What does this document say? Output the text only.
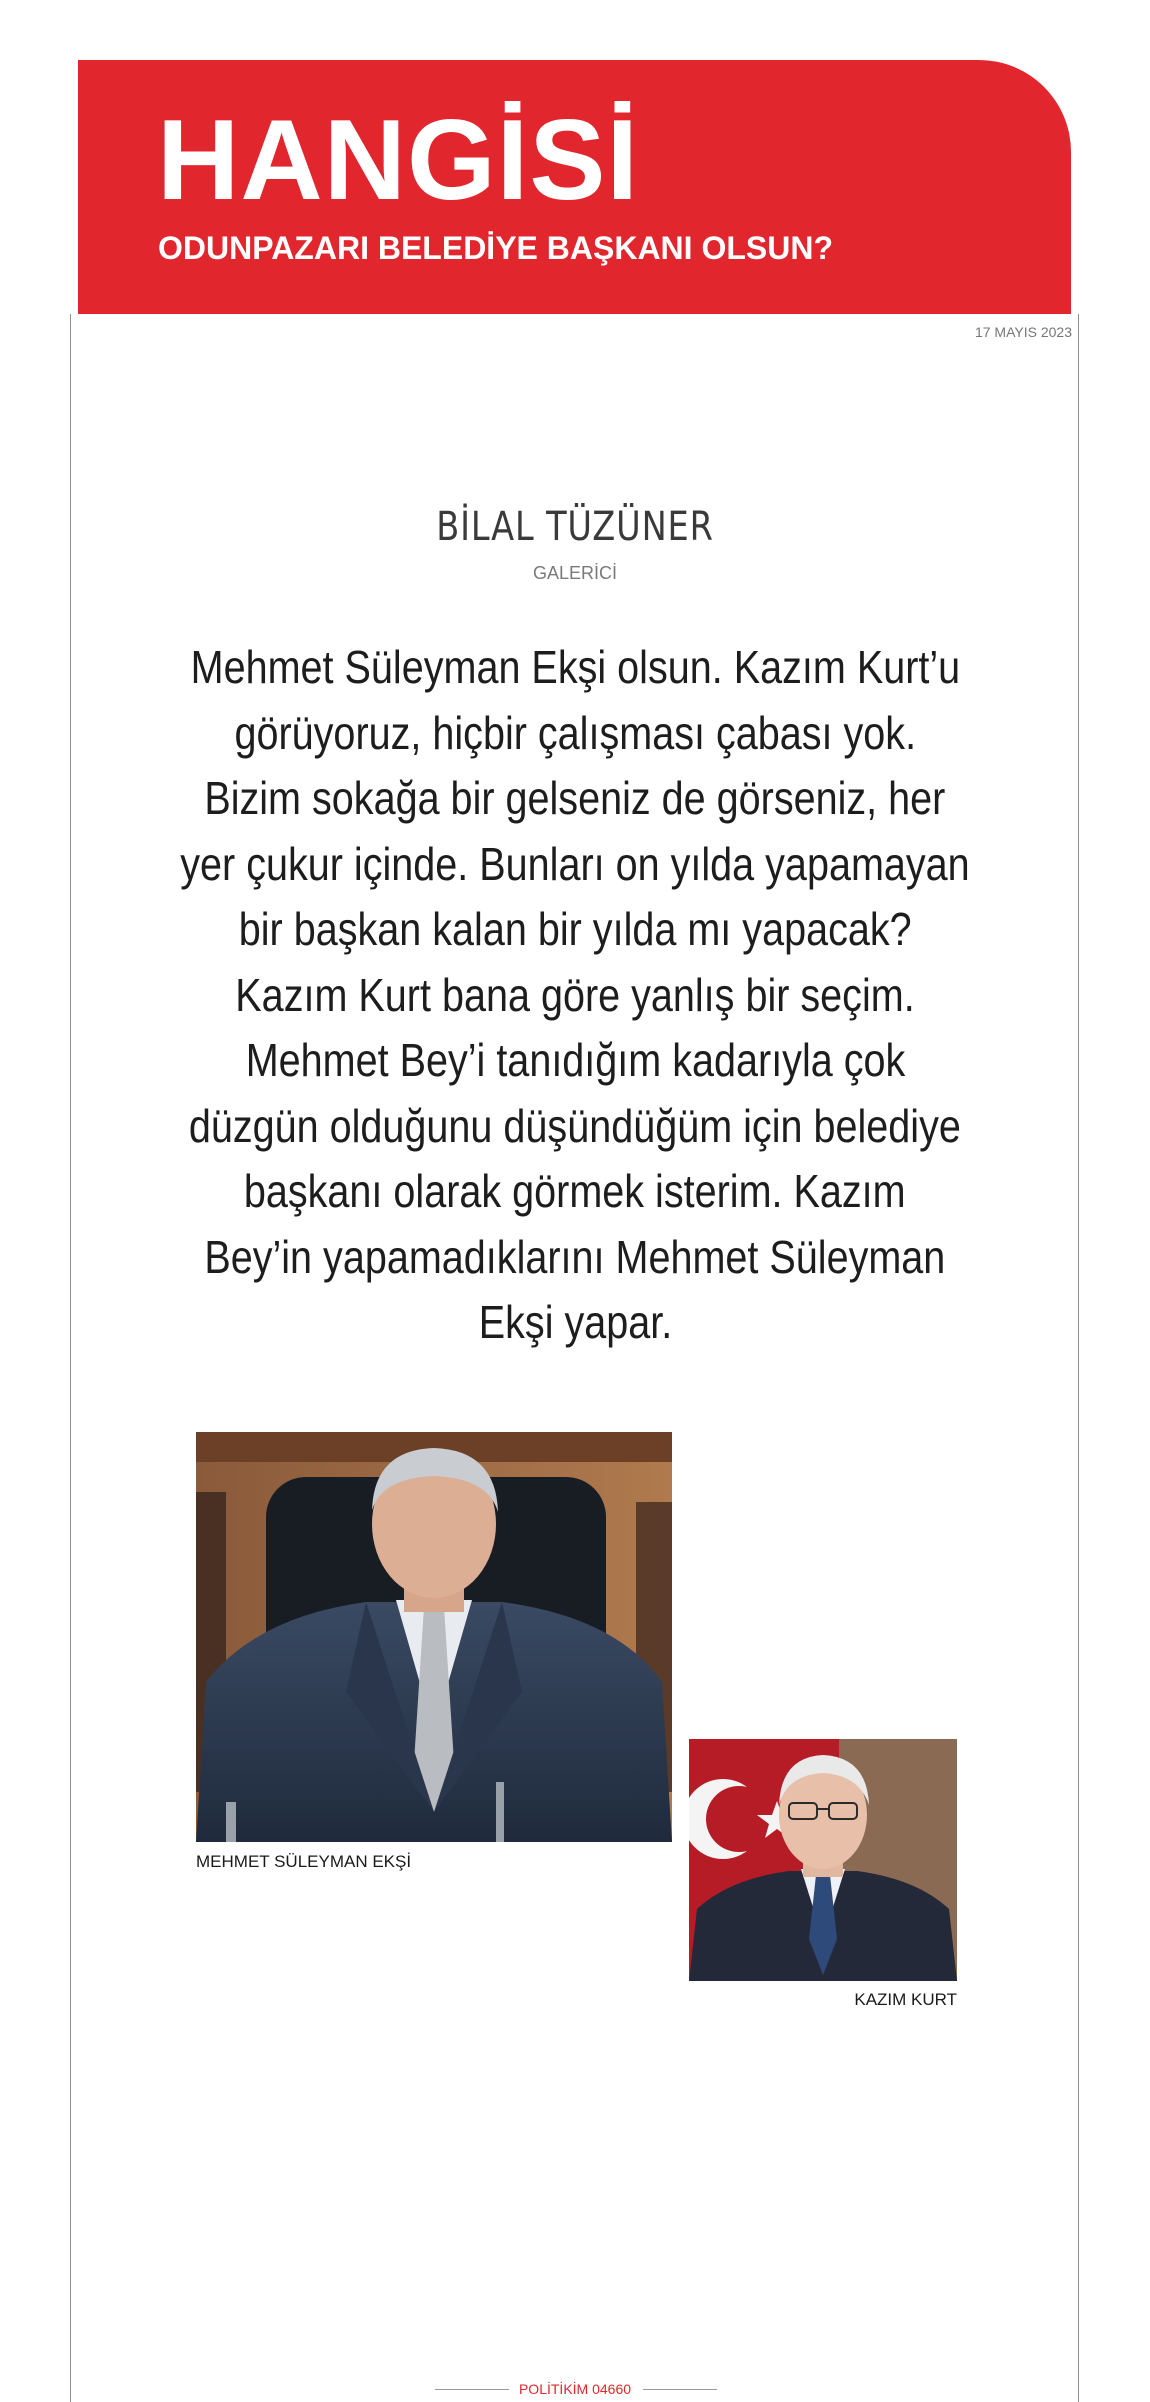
HANGİSİ
ODUNPAZARI BELEDİYE BAŞKANI OLSUN?
17 MAYIS 2023
BİLAL TÜZÜNER
GALERİCİ
Mehmet Süleyman Ekşi olsun. Kazım Kurt’u
görüyoruz, hiçbir çalışması çabası yok.
Bizim sokağa bir gelseniz de görseniz, her
yer çukur içinde. Bunları on yılda yapamayan
bir başkan kalan bir yılda mı yapacak?
Kazım Kurt bana göre yanlış bir seçim.
Mehmet Bey’i tanıdığım kadarıyla çok
düzgün olduğunu düşündüğüm için belediye
başkanı olarak görmek isterim. Kazım
Bey’in yapamadıklarını Mehmet Süleyman
Ekşi yapar.
MEHMET SÜLEYMAN EKŞİ
KAZIM KURT
POLİTİKİM 04660
